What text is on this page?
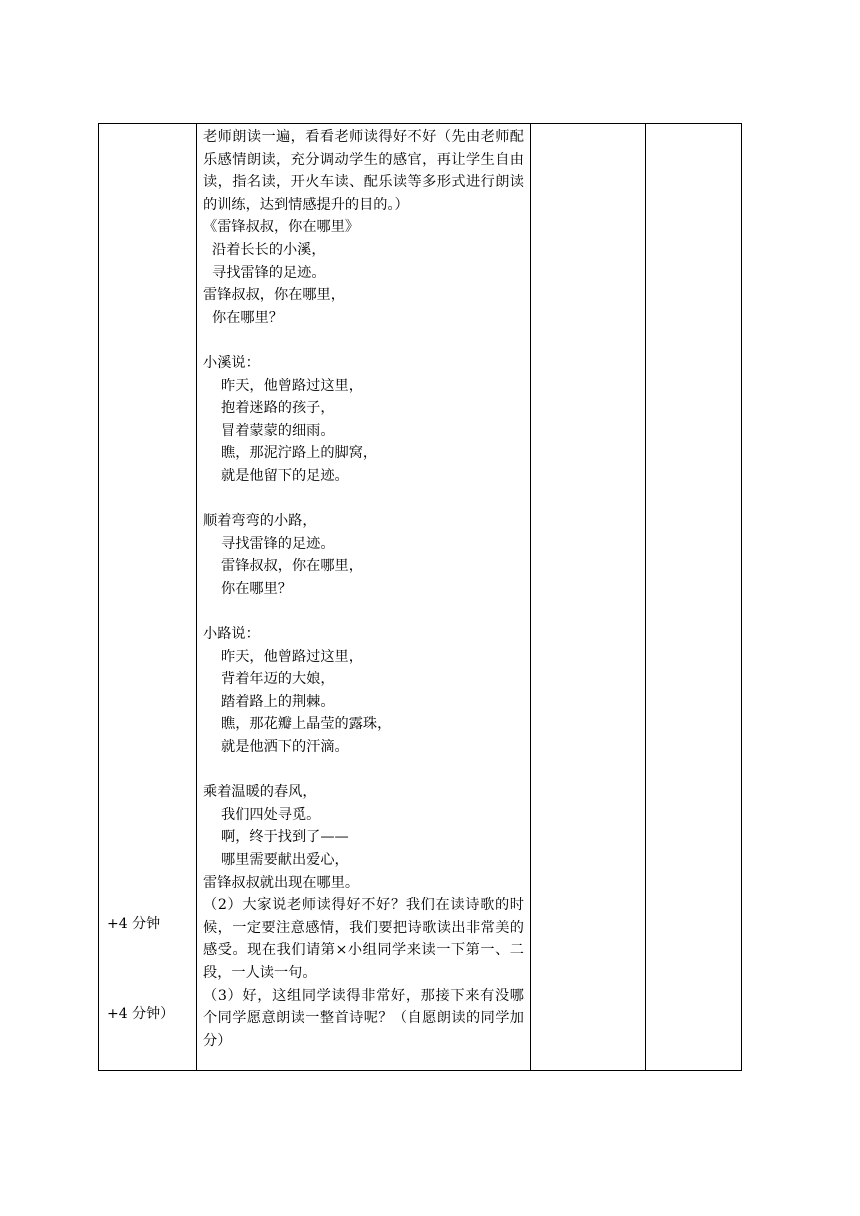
+4 分钟
+4 分钟）

老师朗读一遍，看看老师读得好不好（先由老师配乐感情朗读，充分调动学生的感官，再让学生自由读，指名读，开火车读、配乐读等多形式进行朗读的训练，达到情感提升的目的。）
《雷锋叔叔，你在哪里》
沿着长长的小溪，
寻找雷锋的足迹。
雷锋叔叔，你在哪里，
你在哪里？
小溪说：
昨天，他曾路过这里，
抱着迷路的孩子，
冒着蒙蒙的细雨。
瞧，那泥泞路上的脚窝，
就是他留下的足迹。
顺着弯弯的小路，
寻找雷锋的足迹。
雷锋叔叔，你在哪里，
你在哪里？
小路说：
昨天，他曾路过这里，
背着年迈的大娘，
踏着路上的荆棘。
瞧，那花瓣上晶莹的露珠，
就是他洒下的汗滴。
乘着温暖的春风，
我们四处寻觅。
啊，终于找到了——
哪里需要献出爱心，
雷锋叔叔就出现在哪里。
（2）大家说老师读得好不好？我们在读诗歌的时候，一定要注意感情，我们要把诗歌读出非常美的感受。现在我们请第×小组同学来读一下第一、二段，一人读一句。
（3）好，这组同学读得非常好，那接下来有没哪个同学愿意朗读一整首诗呢？（自愿朗读的同学加分）
